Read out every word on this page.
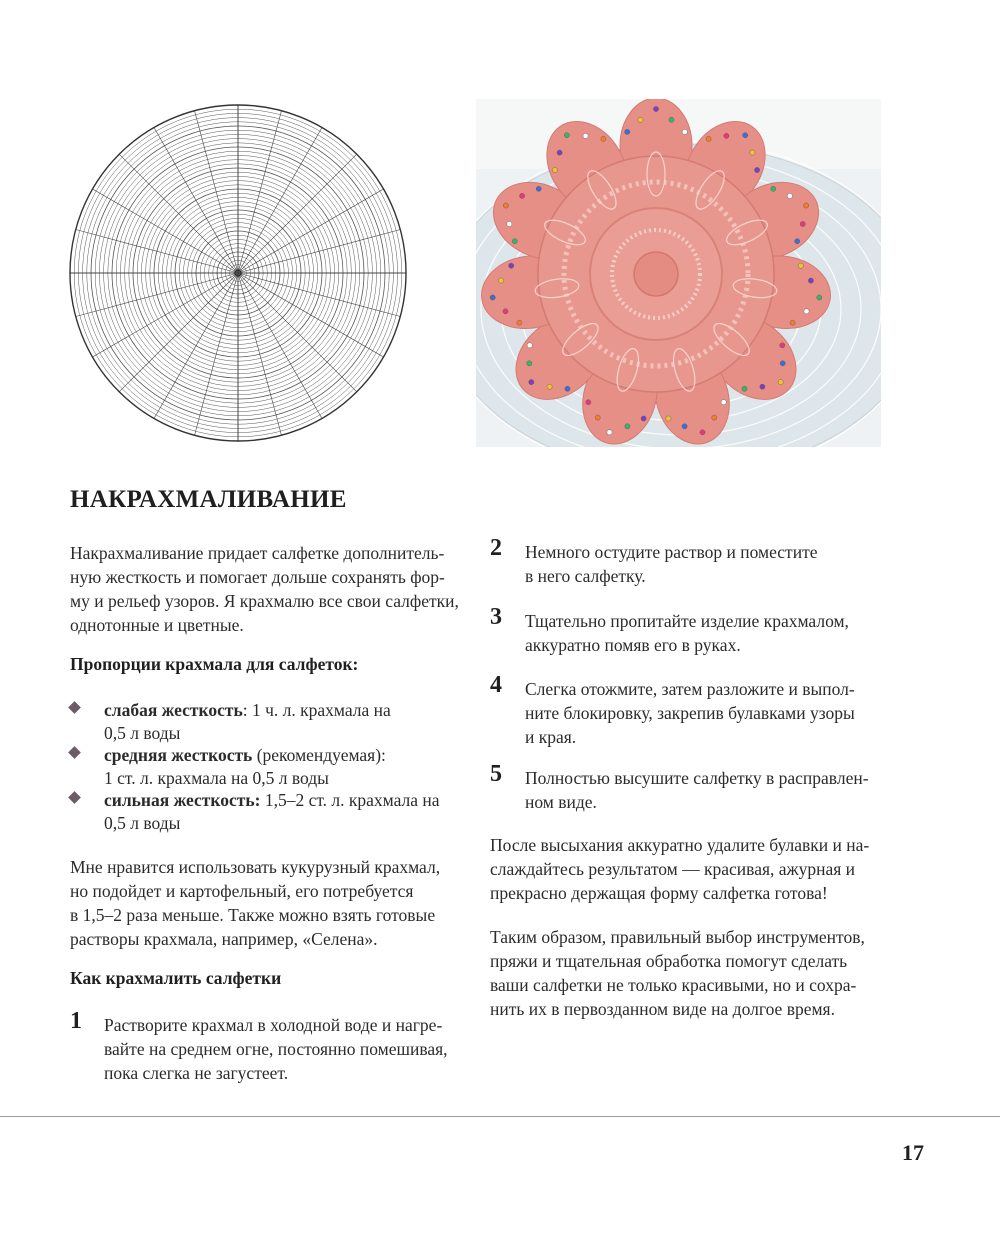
НАКРАХМАЛИВАНИЕ

Накрахмаливание придает салфетке дополнитель-
ную жесткость и помогает дольше сохранять фор-
му и рельеф узоров. Я крахмалю все свои салфетки,
однотонные и цветные.

Пропорции крахмала для салфеток:
слабая жесткость: 1 ч. л. крахмала на
0,5 л воды
средняя жесткость (рекомендуемая):
1 ст. л. крахмала на 0,5 л воды
сильная жесткость: 1,5–2 ст. л. крахмала на
0,5 л воды

Мне нравится использовать кукурузный крахмал,
но подойдет и картофельный, его потребуется
в 1,5–2 раза меньше. Также можно взять готовые
растворы крахмала, например, «Селена».

Как крахмалить салфетки
1 Растворите крахмал в холодной воде и нагре-
вайте на среднем огне, постоянно помешивая,
пока слегка не загустеет.
2 Немного остудите раствор и поместите
в него салфетку.
3 Тщательно пропитайте изделие крахмалом,
аккуратно помяв его в руках.
4 Слегка отожмите, затем разложите и выпол-
ните блокировку, закрепив булавками узоры
и края.
5 Полностью высушите салфетку в расправлен-
ном виде.

После высыхания аккуратно удалите булавки и на-
слаждайтесь результатом — красивая, ажурная и
прекрасно держащая форму салфетка готова!

Таким образом, правильный выбор инструментов,
пряжи и тщательная обработка помогут сделать
ваши салфетки не только красивыми, но и сохра-
нить их в первозданном виде на долгое время.

17
